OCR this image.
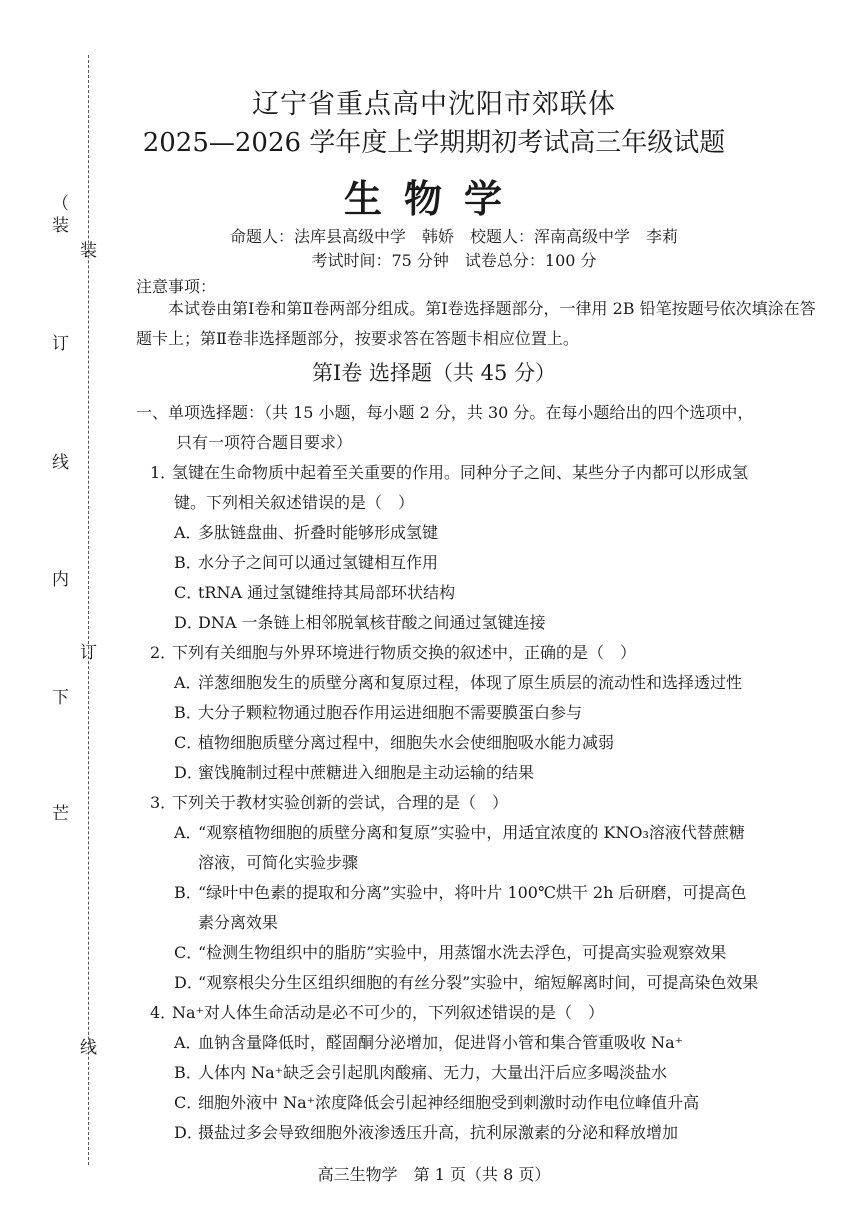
（
装
订
线
内
下
芒
装
订
线
辽宁省重点高中沈阳市郊联体
2025—2026 学年度上学期期初考试高三年级试题
生物学
命题人：法库县高级中学　韩娇　校题人：浑南高级中学　李莉
考试时间：75 分钟　试卷总分：100 分
注意事项：
本试卷由第Ⅰ卷和第Ⅱ卷两部分组成。第Ⅰ卷选择题部分，一律用 2B 铅笔按题号依次填涂在答题卡上；第Ⅱ卷非选择题部分，按要求答在答题卡相应位置上。
第Ⅰ卷 选择题（共 45 分）
一、单项选择题：（共 15 小题，每小题 2 分，共 30 分。在每小题给出的四个选项中，
只有一项符合题目要求）
1．氢键在生命物质中起着至关重要的作用。同种分子之间、某些分子内都可以形成氢
键。下列相关叙述错误的是（　）
A．多肽链盘曲、折叠时能够形成氢键
B．水分子之间可以通过氢键相互作用
C．tRNA 通过氢键维持其局部环状结构
D．DNA 一条链上相邻脱氧核苷酸之间通过氢键连接
2．下列有关细胞与外界环境进行物质交换的叙述中，正确的是（　）
A．洋葱细胞发生的质壁分离和复原过程，体现了原生质层的流动性和选择透过性
B．大分子颗粒物通过胞吞作用运进细胞不需要膜蛋白参与
C．植物细胞质壁分离过程中，细胞失水会使细胞吸水能力减弱
D．蜜饯腌制过程中蔗糖进入细胞是主动运输的结果
3．下列关于教材实验创新的尝试，合理的是（　）
A．“观察植物细胞的质壁分离和复原”实验中，用适宜浓度的 KNO₃溶液代替蔗糖
溶液，可简化实验步骤
B．“绿叶中色素的提取和分离”实验中，将叶片 100℃烘干 2h 后研磨，可提高色
素分离效果
C．“检测生物组织中的脂肪”实验中，用蒸馏水洗去浮色，可提高实验观察效果
D．“观察根尖分生区组织细胞的有丝分裂”实验中，缩短解离时间，可提高染色效果
4．Na⁺对人体生命活动是必不可少的，下列叙述错误的是（　）
A．血钠含量降低时，醛固酮分泌增加，促进肾小管和集合管重吸收 Na⁺
B．人体内 Na⁺缺乏会引起肌肉酸痛、无力，大量出汗后应多喝淡盐水
C．细胞外液中 Na⁺浓度降低会引起神经细胞受到刺激时动作电位峰值升高
D．摄盐过多会导致细胞外液渗透压升高，抗利尿激素的分泌和释放增加
高三生物学　第 1 页（共 8 页）
